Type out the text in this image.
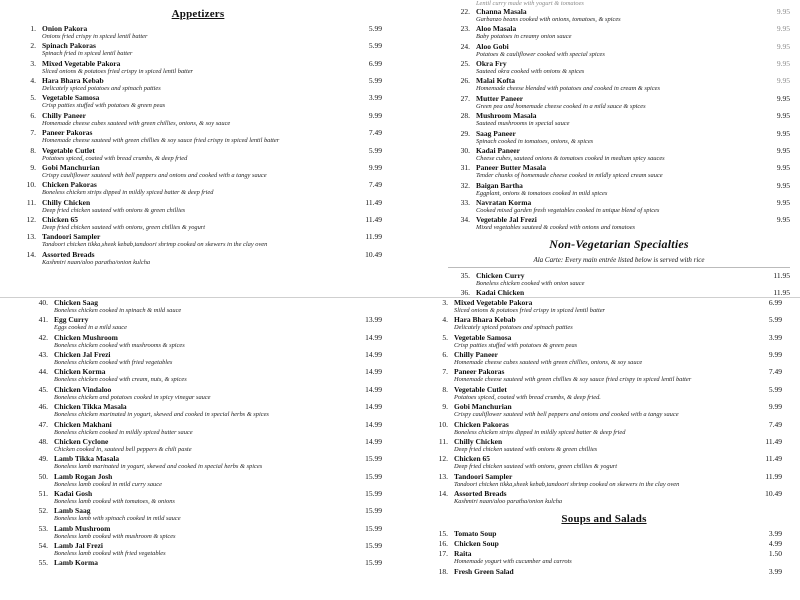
Appetizers
1. Onion Pakora	5.99
Onions fried crispy in spiced lentil batter
2. Spinach Pakoras	5.99
Spinach fried in spiced lentil batter
3. Mixed Vegetable Pakora	6.99
Sliced onions & potatoes fried crispy in spiced lentil batter
4. Hara Bhara Kebab	5.99
Delicately spiced potatoes and spinach patties
5. Vegetable Samosa	3.99
Crisp patties stuffed with potatoes & green peas
6. Chilly Paneer	9.99
Homemade cheese cubes sauteed with green chillies, onions, & soy sauce
7. Paneer Pakoras	7.49
Homemade cheese sauteed with green chillies & soy sauce fried crispy in spiced lentil batter
8. Vegetable Cutlet	5.99
Potatoes spiced, coated with bread crumbs, & deep fried
9. Gobi Manchurian	9.99
Crispy cauliflower sauteed with bell peppers and onions and cooked with a tangy sauce
10. Chicken Pakoras	7.49
Boneless chicken strips dipped in mildly spiced batter & deep fried
11. Chilly Chicken	11.49
Deep fried chicken sauteed with onions & green chillies
12. Chicken 65	11.49
Deep fried chicken sauteed with onions, green chillies & yogurt
13. Tandoori Sampler	11.99
Tandoori chicken tikka,sheek kebab,tandoori shrimp cooked on skewers in the clay oven
14. Assorted Breads	10.49
Kashmiri naan/aloo paratha/onion kulcha
Lentil curry made with yogurt & tomatoes
22. Channa Masala	9.95
Garbanzo beans cooked with onions, tomatoes, & spices
23. Aloo Masala	9.95
Baby potatoes in creamy onion sauce
24. Aloo Gobi	9.95
Potatoes & cauliflower cooked with special spices
25. Okra Fry	9.95
Sauteed okra cooked with onions & spices
26. Malai Kofta	9.95
Homemade cheese blended with potatoes and cooked in cream & spices
27. Mutter Paneer	9.95
Green pea and homemade cheese cooked in a mild sauce & spices
28. Mushroom Masala	9.95
Sauteed mushrooms in special sauce
29. Saag Paneer	9.95
Spinach cooked in tomatoes, onions, & spices
30. Kadai Paneer	9.95
Cheese cubes, sauteed onions & tomatoes cooked in medium spicy sauces
31. Paneer Butter Masala	9.95
Tender chunks of homemade cheese cooked in mildly spiced cream sauce
32. Baigan Bartha	9.95
Eggplant, onions & tomatoes cooked in mild spices
33. Navratan Korma	9.95
Cooked mixed garden fresh vegetables cooked in unique blend of spices
34. Vegetable Jal Frezi	9.95
Mixed vegetables sauteed & cooked with onions and tomatoes
Non-Vegetarian Specialties
Ala Carte: Every main entrée listed below is served with rice
35. Chicken Curry	11.95
Boneless chicken cooked with onion sauce
36. Kadai Chicken	11.95
40. Chicken Saag
Boneless chicken cooked in spinach & mild sauce
41. Egg Curry	13.99
Eggs cooked in a mild sauce
42. Chicken Mushroom	14.99
Boneless chicken cooked with mushrooms & spices
43. Chicken Jal Frezi	14.99
Boneless chicken cooked with fried vegetables
44. Chicken Korma	14.99
Boneless chicken cooked with cream, nuts, & spices
45. Chicken Vindaloo	14.99
Boneless chicken and potatoes cooked in spicy vinegar sauce
46. Chicken Tikka Masala	14.99
Boneless chicken marinated in yogurt, skewed and cooked in special herbs & spices
47. Chicken Makhani	14.99
Boneless chicken cooked in mildly spiced butter sauce
48. Chicken Cyclone	14.99
Chicken cooked in, sauteed bell peppers & chili paste
49. Lamb Tikka Masala	15.99
Boneless lamb marinated in yogurt, skewed and cooked in special herbs & spices
50. Lamb Rogan Josh	15.99
Boneless lamb cooked in mild curry sauce
51. Kadai Gosh	15.99
Boneless lamb cooked with tomatoes, & onions
52. Lamb Saag	15.99
Boneless lamb with spinach cooked in mild sauce
53. Lamb Mushroom	15.99
Boneless lamb cooked with mushroom & spices
54. Lamb Jal Frezi	15.99
Boneless lamb cooked with fried vegetables
55. Lamb Korma	15.99
3. Mixed Vegetable Pakora	6.99
Sliced onions & potatoes fried crispy in spiced lentil batter
4. Hara Bhara Kebab	5.99
Delicately spiced potatoes and spinach patties
5. Vegetable Samosa	3.99
Crisp patties stuffed with potatoes & green peas
6. Chilly Paneer	9.99
Homemade cheese cubes sauteed with green chillies, onions, & soy sauce
7. Paneer Pakoras	7.49
Homemade cheese sauteed with green chillies & soy sauce fried crispy in spiced lentil batter
8. Vegetable Cutlet	5.99
Potatoes spiced, coated with bread crumbs, & deep fried.
9. Gobi Manchurian	9.99
Crispy cauliflower sauteed with bell peppers and onions and cooked with a tangy sauce
10. Chicken Pakoras	7.49
Boneless chicken strips dipped in mildly spiced batter & deep fried
11. Chilly Chicken	11.49
Deep fried chicken sauteed with onions & green chillies
12. Chicken 65	11.49
Deep fried chicken sauteed with onions, green chillies & yogurt
13. Tandoori Sampler	11.99
Tandoori chicken tikka,sheek kebab,tandoori shrimp cooked on skewers in the clay oven
14. Assorted Breads	10.49
Kashmiri naan/aloo paratha/onion kulcha
Soups and Salads
15. Tomato Soup	3.99
16. Chicken Soup	4.99
17. Raita	1.50
Homemade yogurt with cucumber and carrots
18. Fresh Green Salad	3.99
